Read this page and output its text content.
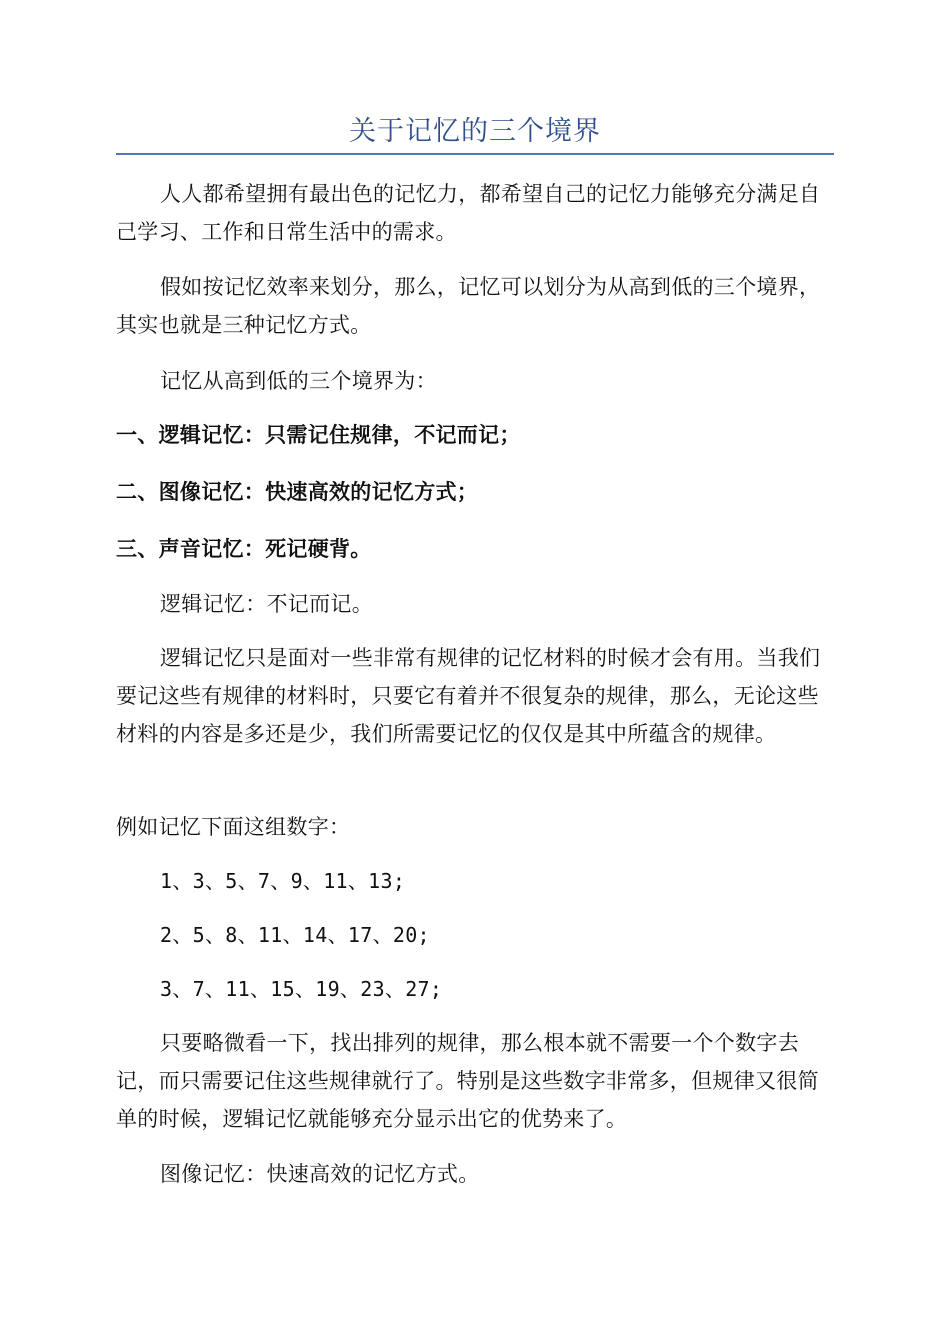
关于记忆的三个境界

人人都希望拥有最出色的记忆力，都希望自己的记忆力能够充分满足自己学习、工作和日常生活中的需求。

假如按记忆效率来划分，那么，记忆可以划分为从高到低的三个境界，其实也就是三种记忆方式。

记忆从高到低的三个境界为：

一、逻辑记忆：只需记住规律，不记而记；

二、图像记忆：快速高效的记忆方式；

三、声音记忆：死记硬背。

逻辑记忆：不记而记。

逻辑记忆只是面对一些非常有规律的记忆材料的时候才会有用。当我们要记这些有规律的材料时，只要它有着并不很复杂的规律，那么，无论这些材料的内容是多还是少，我们所需要记忆的仅仅是其中所蕴含的规律。

例如记忆下面这组数字：

1、3、5、7、9、11、13;

2、5、8、11、14、17、20;

3、7、11、15、19、23、27;

只要略微看一下，找出排列的规律，那么根本就不需要一个个数字去记，而只需要记住这些规律就行了。特别是这些数字非常多，但规律又很简单的时候，逻辑记忆就能够充分显示出它的优势来了。

图像记忆：快速高效的记忆方式。
